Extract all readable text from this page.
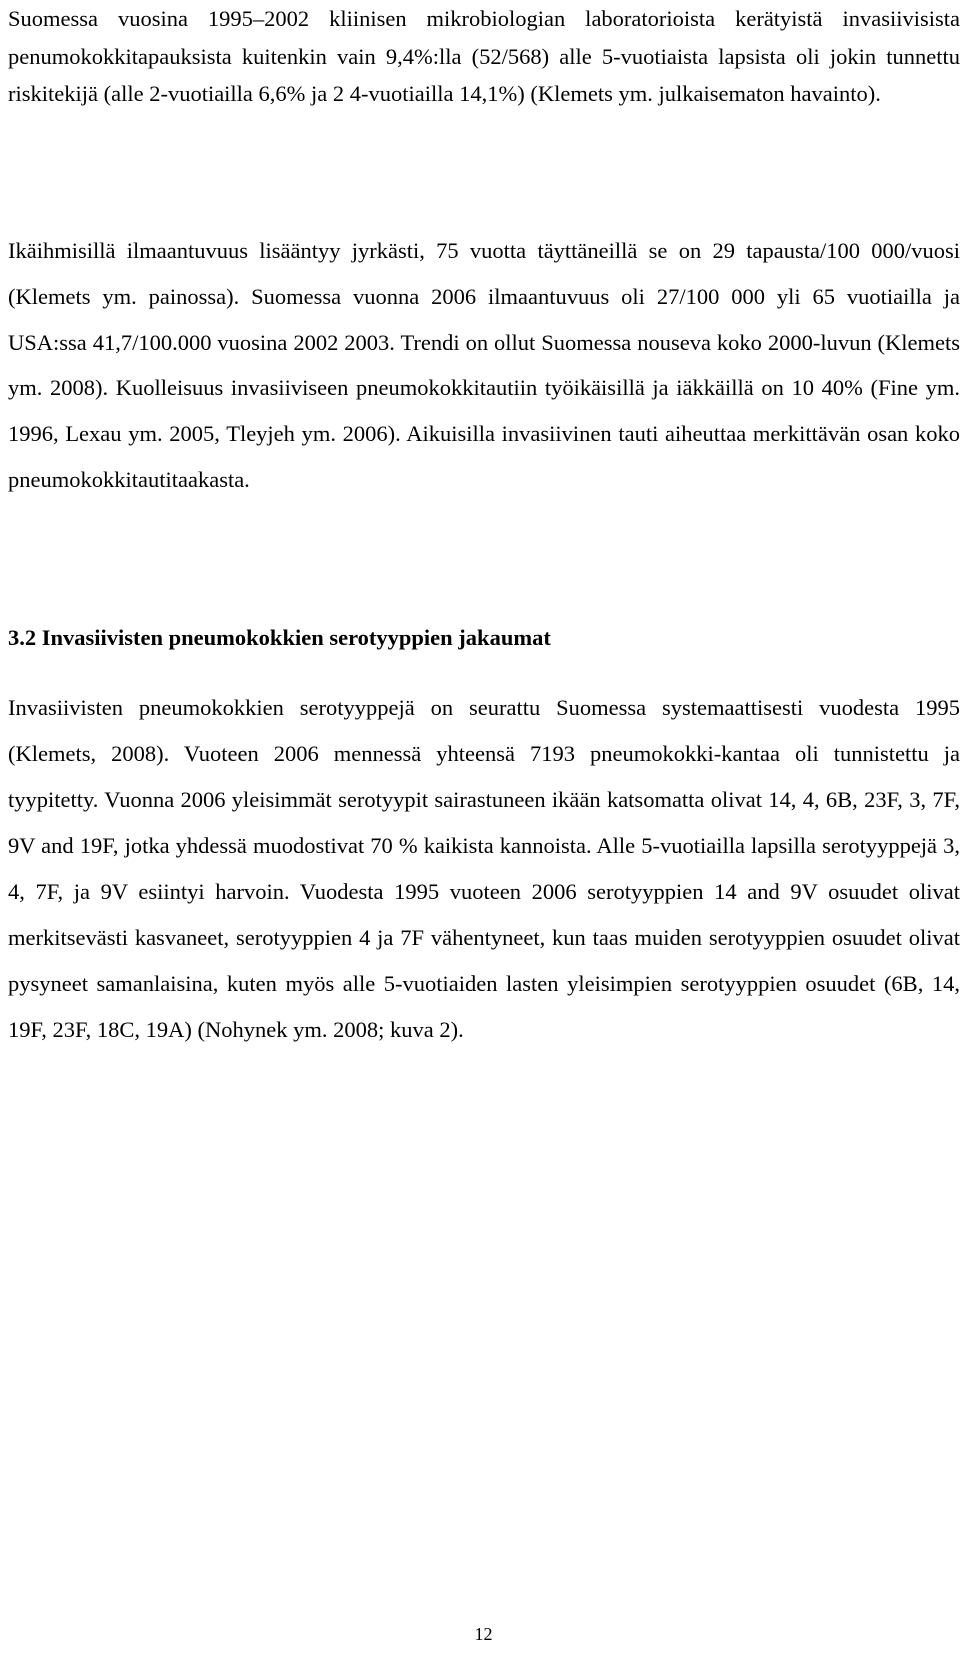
Suomessa vuosina 1995–2002 kliinisen mikrobiologian laboratorioista kerätyistä invasiivisista penumokokkitapauksista kuitenkin vain 9,4%:lla (52/568) alle 5-vuotiaista lapsista oli jokin tunnettu riskitekijä (alle 2-vuotiailla 6,6% ja 2 4-vuotiailla 14,1%) (Klemets ym. julkaisematon havainto).

Ikäihmisillä ilmaantuvuus lisääntyy jyrkästi, 75 vuotta täyttäneillä se on 29 tapausta/100 000/vuosi (Klemets ym. painossa). Suomessa vuonna 2006 ilmaantuvuus oli 27/100 000 yli 65 vuotiailla ja USA:ssa 41,7/100.000 vuosina 2002 2003. Trendi on ollut Suomessa nouseva koko 2000-luvun (Klemets ym. 2008). Kuolleisuus invasiiviseen pneumokokkitautiin työikäisillä ja iäkkäillä on 10 40% (Fine ym. 1996, Lexau ym. 2005, Tleyjeh ym. 2006). Aikuisilla invasiivinen tauti aiheuttaa merkittävän osan koko pneumokokkitautitaakasta.

3.2 Invasiivisten pneumokokkien serotyyppien jakaumat

Invasiivisten pneumokokkien serotyyppejä on seurattu Suomessa systemaattisesti vuodesta 1995 (Klemets, 2008). Vuoteen 2006 mennessä yhteensä 7193 pneumokokki-kantaa oli tunnistettu ja tyypitetty. Vuonna 2006 yleisimmät serotyypit sairastuneen ikään katsomatta olivat 14, 4, 6B, 23F, 3, 7F, 9V and 19F, jotka yhdessä muodostivat 70 % kaikista kannoista. Alle 5-vuotiailla lapsilla serotyyppejä 3, 4, 7F, ja 9V esiintyi harvoin. Vuodesta 1995 vuoteen 2006 serotyyppien 14 and 9V osuudet olivat merkitsevästi kasvaneet, serotyyppien 4 ja 7F vähentyneet, kun taas muiden serotyyppien osuudet olivat pysyneet samanlaisina, kuten myös alle 5-vuotiaiden lasten yleisimpien serotyyppien osuudet (6B, 14, 19F, 23F, 18C, 19A) (Nohynek ym. 2008; kuva 2).

12
